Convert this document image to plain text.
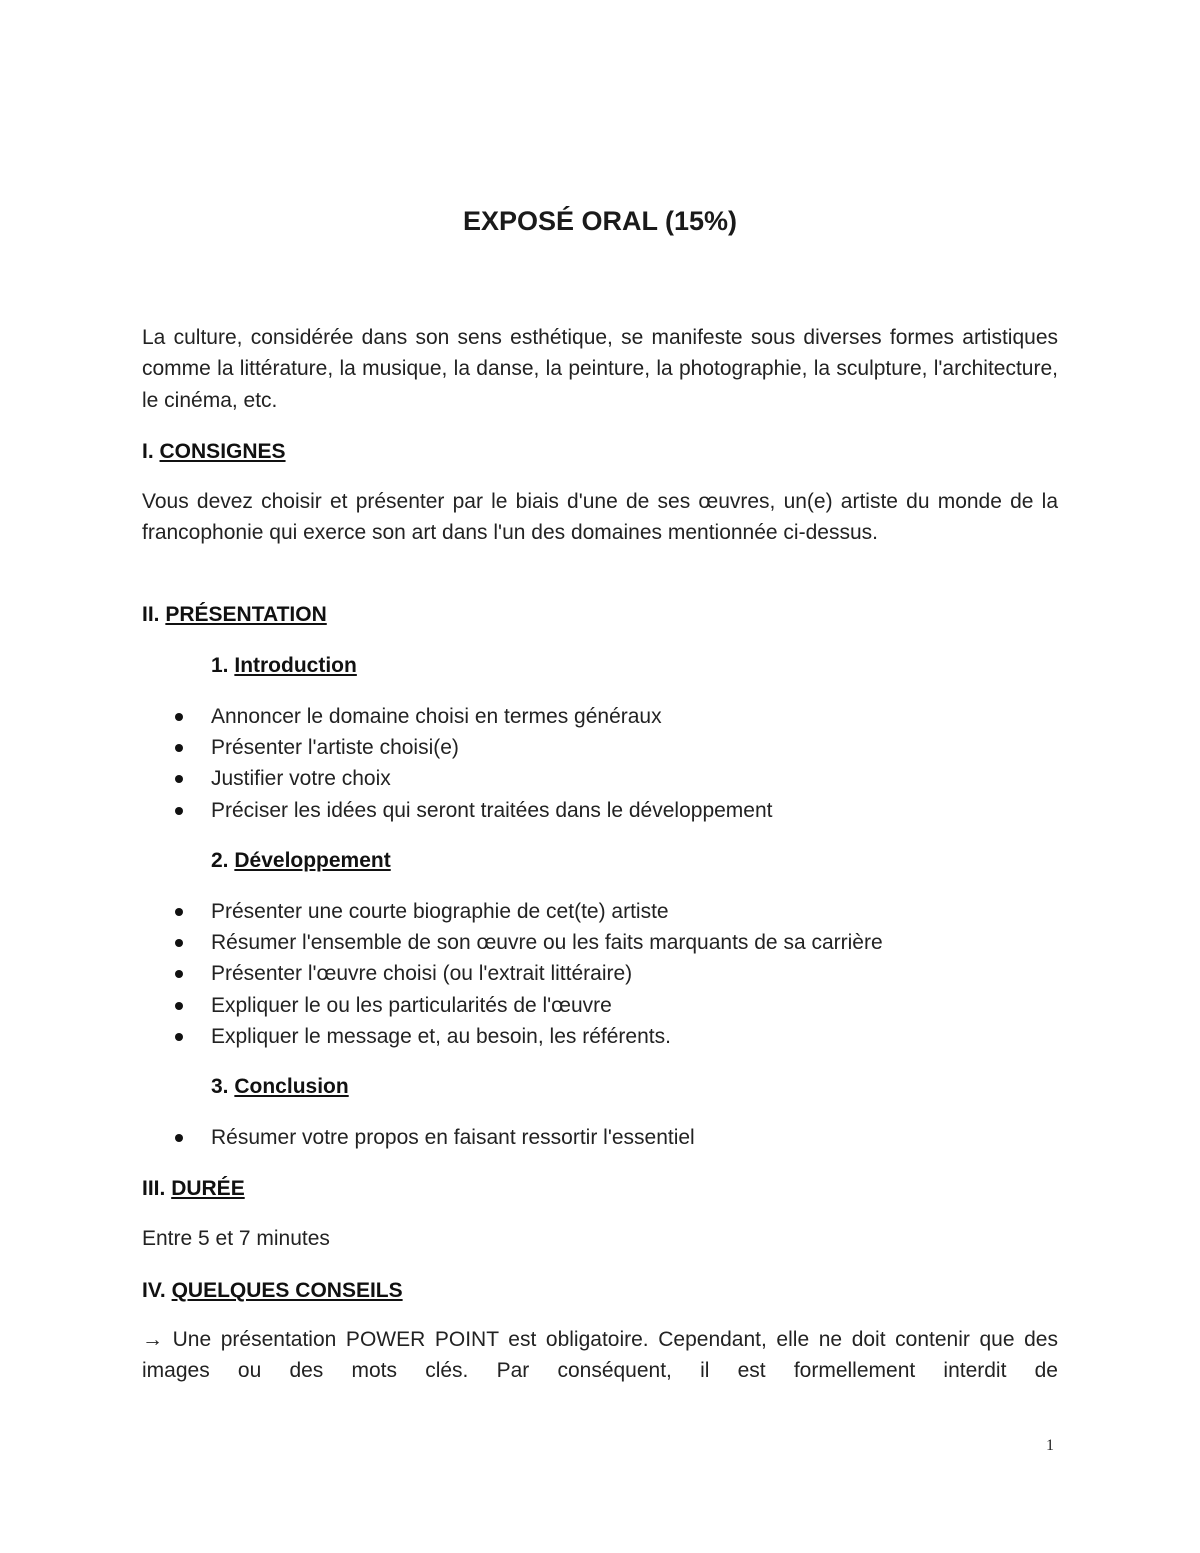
EXPOSÉ ORAL (15%)

La culture, considérée dans son sens esthétique, se manifeste sous diverses formes artistiques comme la littérature, la musique, la danse, la peinture, la photographie, la sculpture, l'architecture, le cinéma, etc.

I. CONSIGNES

Vous devez choisir et présenter par le biais d'une de ses œuvres, un(e) artiste du monde de la francophonie qui exerce son art dans l'un des domaines mentionnée ci-dessus.

II. PRÉSENTATION

1. Introduction

Annoncer le domaine choisi en termes généraux
Présenter l'artiste choisi(e)
Justifier votre choix
Préciser les idées qui seront traitées dans le développement

2. Développement

Présenter une courte biographie de cet(te) artiste
Résumer l'ensemble de son œuvre ou les faits marquants de sa carrière
Présenter l'œuvre choisi (ou l'extrait littéraire)
Expliquer le ou les particularités de l'œuvre
Expliquer le message et, au besoin, les référents.

3. Conclusion

Résumer votre propos en faisant ressortir l'essentiel

III. DURÉE

Entre 5 et 7 minutes

IV. QUELQUES CONSEILS

→ Une présentation POWER POINT est obligatoire. Cependant, elle ne doit contenir que des images ou des mots clés. Par conséquent, il est formellement interdit de

1
